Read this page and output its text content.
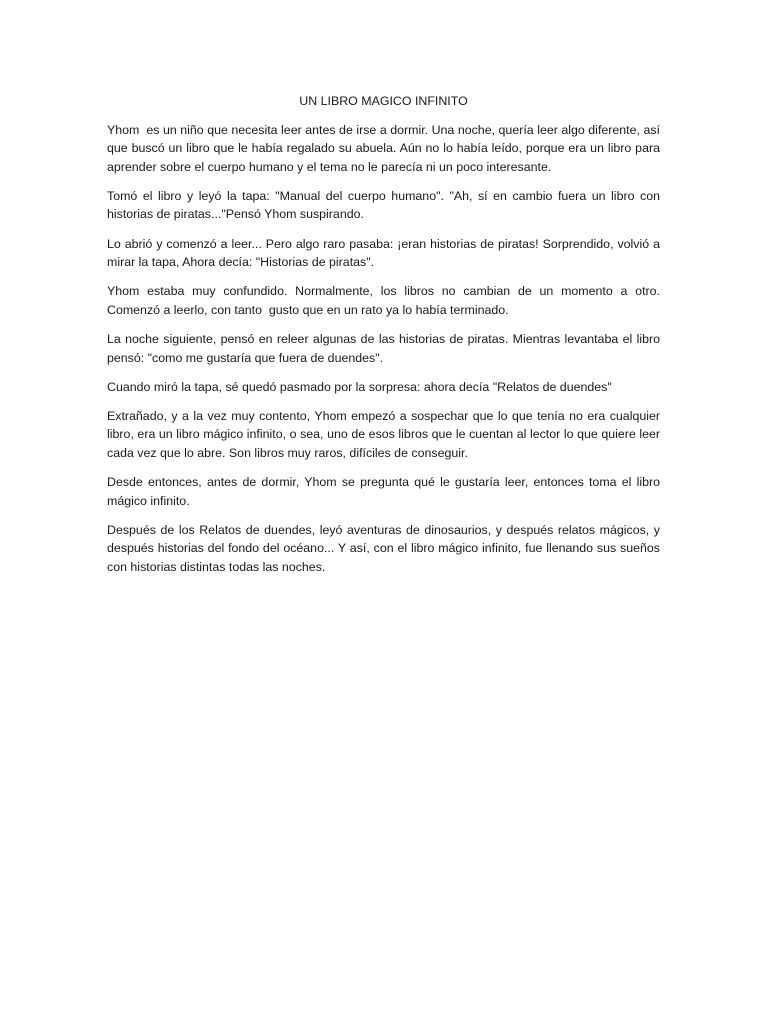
UN LIBRO MAGICO INFINITO

Yhom  es un niño que necesita leer antes de irse a dormir. Una noche, quería leer algo diferente, así que buscó un libro que le había regalado su abuela. Aún no lo había leído, porque era un libro para aprender sobre el cuerpo humano y el tema no le parecía ni un poco interesante.

Tomó el libro y leyó la tapa: "Manual del cuerpo humano". "Ah, sí en cambio fuera un libro con historias de piratas..."Pensó Yhom suspirando.

Lo abrió y comenzó a leer... Pero algo raro pasaba: ¡eran historias de piratas! Sorprendido, volvió a mirar la tapa, Ahora decía: "Historias de piratas".

Yhom estaba muy confundido. Normalmente, los libros no cambian de un momento a otro. Comenzó a leerlo, con tanto  gusto que en un rato ya lo había terminado.

La noche siguiente, pensó en releer algunas de las historias de piratas. Mientras levantaba el libro pensó: "como me gustaría que fuera de duendes".

Cuando miró la tapa, sé quedó pasmado por la sorpresa: ahora decía "Relatos de duendes"

Extrañado, y a la vez muy contento, Yhom empezó a sospechar que lo que tenía no era cualquier libro, era un libro mágico infinito, o sea, uno de esos libros que le cuentan al lector lo que quiere leer cada vez que lo abre. Son libros muy raros, difíciles de conseguir.

Desde entonces, antes de dormir, Yhom se pregunta qué le gustaría leer, entonces toma el libro mágico infinito.

Después de los Relatos de duendes, leyó aventuras de dinosaurios, y después relatos mágicos, y después historias del fondo del océano... Y así, con el libro mágico infinito, fue llenando sus sueños con historias distintas todas las noches.
